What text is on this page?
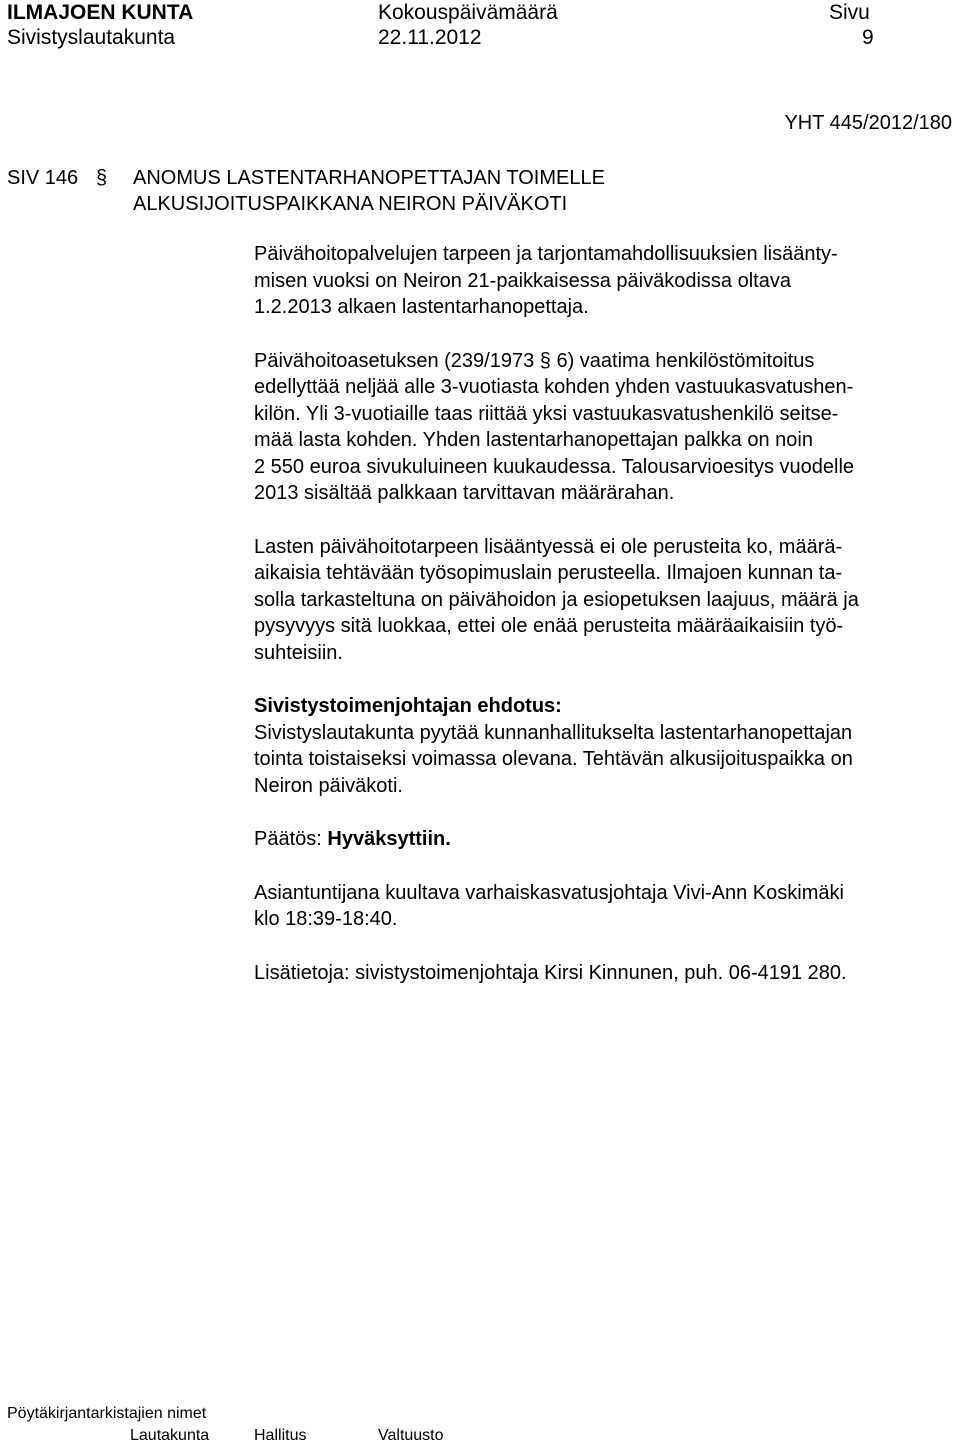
ILMAJOEN KUNTA
Sivistyslautakunta
Kokouspäivämäärä
22.11.2012
Sivu
9
YHT 445/2012/180
SIV 146 § ANOMUS LASTENTARHANOPETTAJAN TOIMELLE
ALKUSIJOITUSPAIKKANA NEIRON PÄIVÄKOTI
Päivähoitopalvelujen tarpeen ja tarjontamahdollisuuksien lisäänty-
misen vuoksi on Neiron 21-paikkaisessa päiväkodissa oltava
1.2.2013 alkaen lastentarhanopettaja.
Päivähoitoasetuksen (239/1973 § 6) vaatima henkilöstömitoitus
edellyttää neljää alle 3-vuotiasta kohden yhden vastuukasvatushen-
kilön. Yli 3-vuotiaille taas riittää yksi vastuukasvatushenkilö seitse-
mää lasta kohden. Yhden lastentarhanopettajan palkka on noin
2 550 euroa sivukuluineen kuukaudessa. Talousarvioesitys vuodelle
2013 sisältää palkkaan tarvittavan määrärahan.
Lasten päivähoitotarpeen lisääntyessä ei ole perusteita ko, määrä-
aikaisia tehtävään työsopimuslain perusteella. Ilmajoen kunnan ta-
solla tarkasteltuna on päivähoidon ja esiopetuksen laajuus, määrä ja
pysyvyys sitä luokkaa, ettei ole enää perusteita määräaikaisiin työ-
suhteisiin.
Sivistystoimenjohtajan ehdotus:
Sivistyslautakunta pyytää kunnanhallitukselta lastentarhanopettajan
tointa toistaiseksi voimassa olevana. Tehtävän alkusijoituspaikka on
Neiron päiväkoti.
Päätös: Hyväksyttiin.
Asiantuntijana kuultava varhaiskasvatusjohtaja Vivi-Ann Koskimäki
klo 18:39-18:40.
Lisätietoja: sivistystoimenjohtaja Kirsi Kinnunen, puh. 06-4191 280.
Pöytäkirjantarkistajien nimet
Lautakunta	Hallitus	Valtuusto
